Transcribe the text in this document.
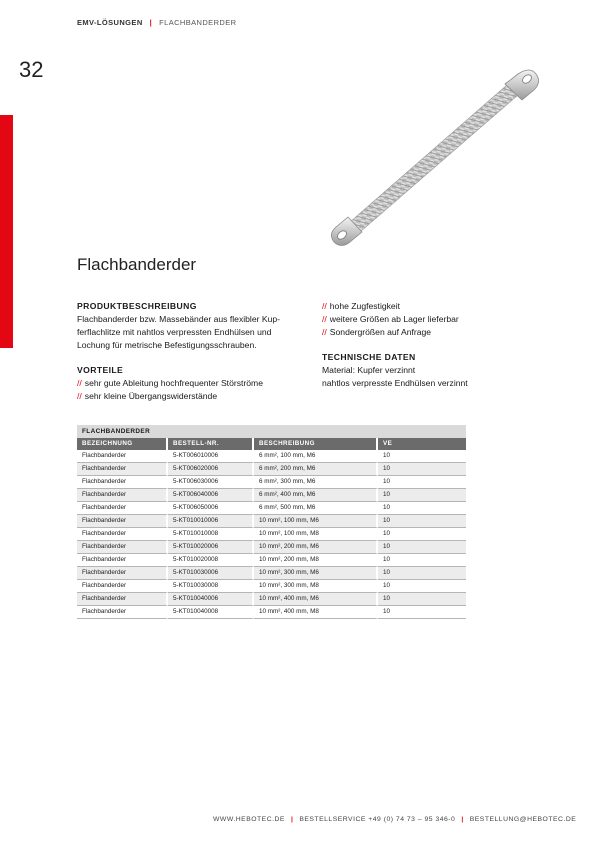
EMV-LÖSUNGEN | FLACHBANDERDER
32
Flachbanderder

PRODUKTBESCHREIBUNG

Flachbanderder bzw. Massebänder aus flexibler Kup-

ferflachlitze mit nahtlos verpressten Endhülsen und

Lochung für metrische Befestigungsschrauben.

VORTEILE

// sehr gute Ableitung hochfrequenter Störströme

// sehr kleine Übergangswiderstände

// hohe Zugfestigkeit

// weitere Größen ab Lager lieferbar

// Sondergrößen auf Anfrage

TECHNISCHE DATEN

Material: Kupfer verzinnt

nahtlos verpresste Endhülsen verzinnt

FLACHBANDERDER
BEZEICHNUNG	BESTELL-NR.	BESCHREIBUNG	VE
Flachbanderder	5-KT006010006	6 mm², 100 mm, M6	10
Flachbanderder	5-KT006020006	6 mm², 200 mm, M6	10
Flachbanderder	5-KT006030006	6 mm², 300 mm, M6	10
Flachbanderder	5-KT006040006	6 mm², 400 mm, M6	10
Flachbanderder	5-KT006050006	6 mm², 500 mm, M6	10
Flachbanderder	5-KT010010006	10 mm², 100 mm, M6	10
Flachbanderder	5-KT010010008	10 mm², 100 mm, M8	10
Flachbanderder	5-KT010020006	10 mm², 200 mm, M6	10
Flachbanderder	5-KT010020008	10 mm², 200 mm, M8	10
Flachbanderder	5-KT010030006	10 mm², 300 mm, M6	10
Flachbanderder	5-KT010030008	10 mm², 300 mm, M8	10
Flachbanderder	5-KT010040006	10 mm², 400 mm, M6	10
Flachbanderder	5-KT010040008	10 mm², 400 mm, M8	10
WWW.HEBOTEC.DE | BESTELLSERVICE +49 (0) 74 73 – 95 346-0 | BESTELLUNG@HEBOTEC.DE
